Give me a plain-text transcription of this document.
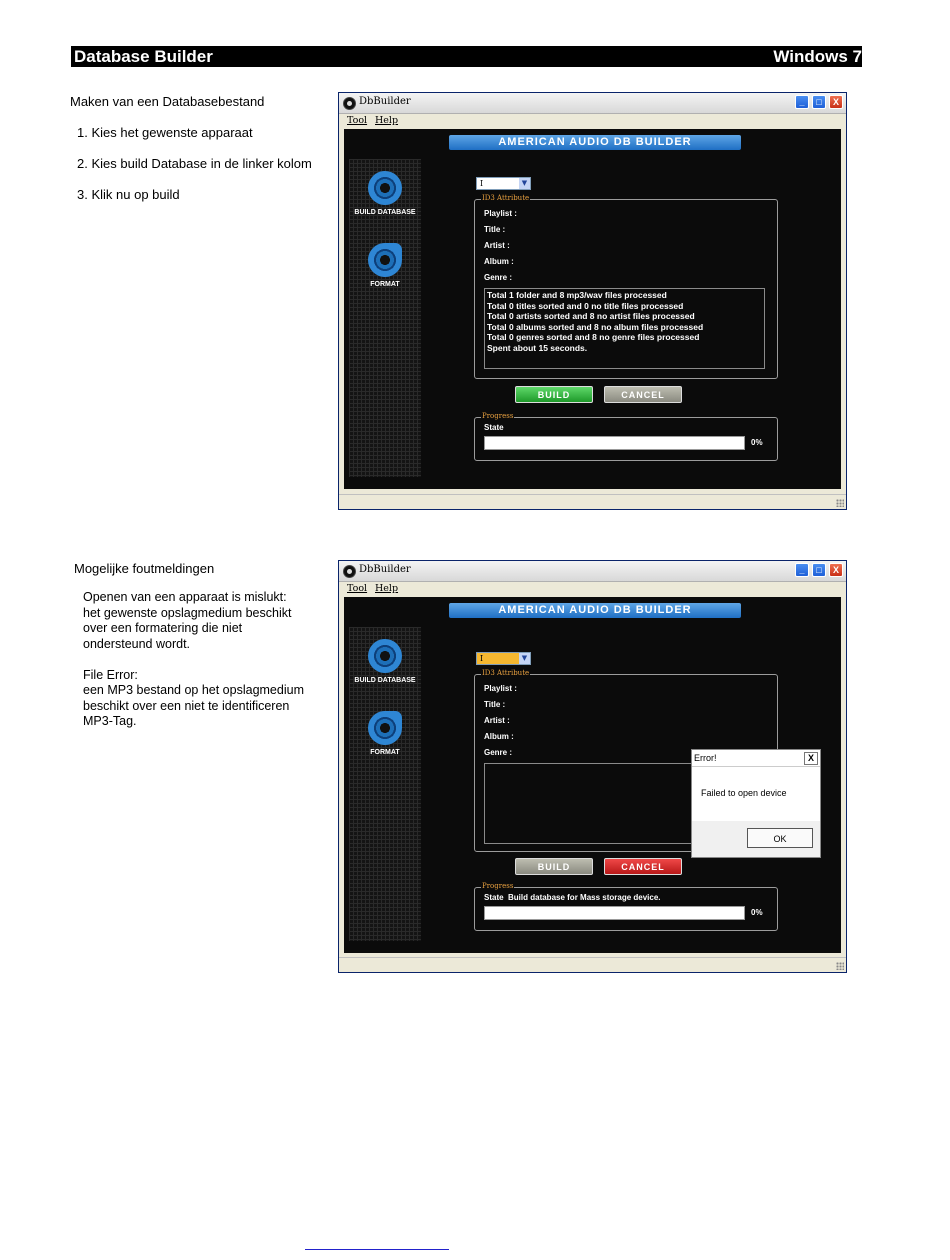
Database Builder	Windows 7
Maken van een Databasebestand
1. Kies het gewenste apparaat
2. Kies build Database in de linker kolom
3. Klik nu op build
Mogelijke foutmeldingen
Openen van een apparaat is mislukt:
het gewenste opslagmedium beschikt
over een formatering die niet
ondersteund wordt.
File Error:
een MP3 bestand op het opslagmedium
beschikt over een niet te identificeren
MP3-Tag.
DbBuilder	_	□	X
Tool Help
AMERICAN AUDIO DB BUILDER
BUILD DATABASE
FORMAT
I	▼
ID3 Attribute
Playlist :
Title :
Artist :
Album :
Genre :
Total 1 folder and 8 mp3/wav files processed
Total 0 titles sorted and 0 no title files processed
Total 0 artists sorted and 8 no artist files processed
Total 0 albums sorted and 8 no album files processed
Total 0 genres sorted and 8 no genre files processed
Spent about 15 seconds.
BUILD	CANCEL
Progress
State
0%
DbBuilder	_	□	X
Tool Help
AMERICAN AUDIO DB BUILDER
BUILD DATABASE
FORMAT
I	▼
ID3 Attribute
Playlist :
Title :
Artist :
Album :
Genre :
BUILD	CANCEL
Progress
State Build database for Mass storage device.
0%
Error!	X
Failed to open device
OK
